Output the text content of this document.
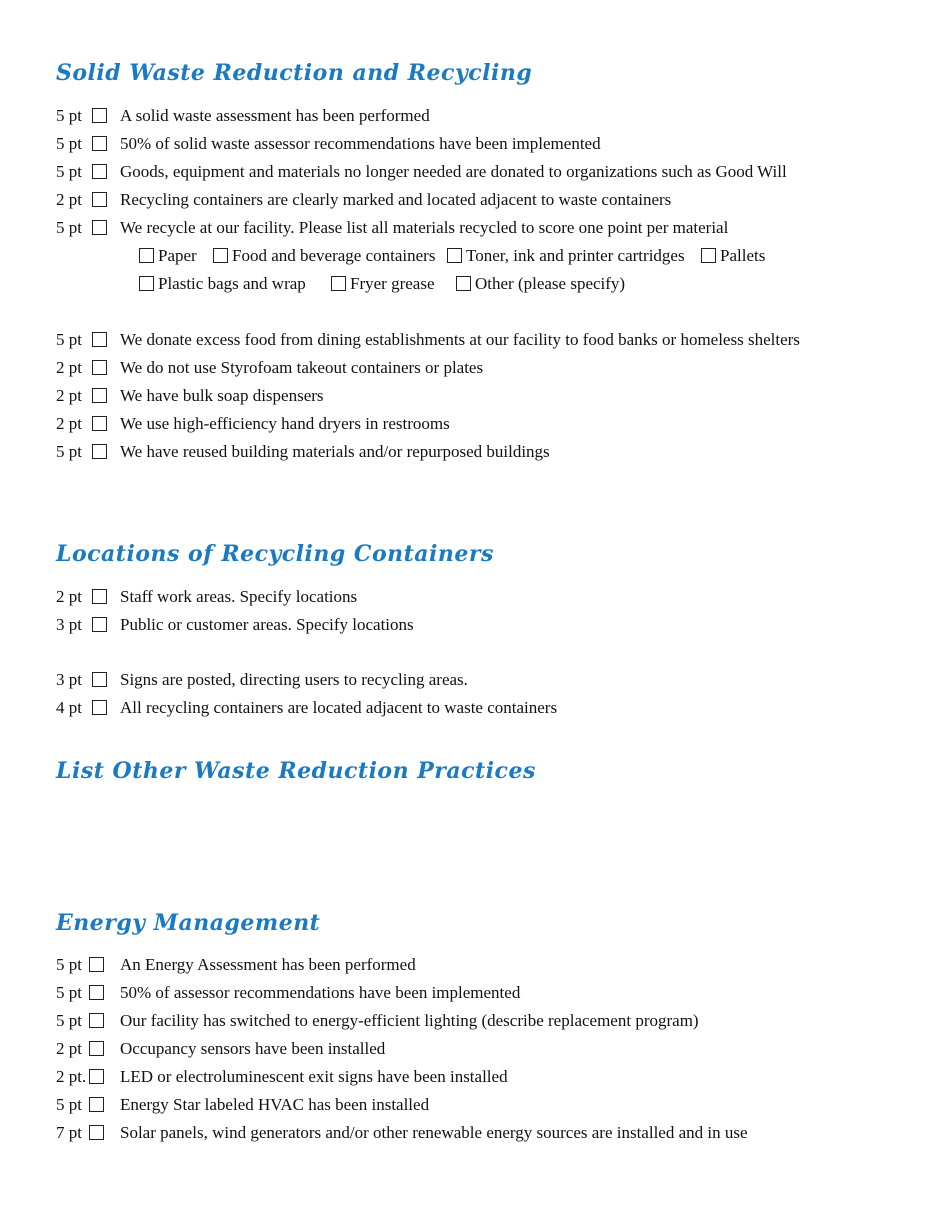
Solid Waste Reduction and Recycling
5 pt A solid waste assessment has been performed
5 pt 50% of solid waste assessor recommendations have been implemented
5 pt Goods, equipment and materials no longer needed are donated to organizations such as Good Will
2 pt Recycling containers are clearly marked and located adjacent to waste containers
5 pt We recycle at our facility. Please list all materials recycled to score one point per material
Paper Food and beverage containers Toner, ink and printer cartridges Pallets
Plastic bags and wrap	Fryer grease Other (please specify)
5 pt We donate excess food from dining establishments at our facility to food banks or homeless shelters
2 pt We do not use Styrofoam takeout containers or plates
2 pt We have bulk soap dispensers
2 pt We use high-efficiency hand dryers in restrooms
5 pt We have reused building materials and/or repurposed buildings
Locations of Recycling Containers
2 pt Staff work areas. Specify locations
3 pt Public or customer areas. Specify locations
3 pt Signs are posted, directing users to recycling areas.
4 pt All recycling containers are located adjacent to waste containers
List Other Waste Reduction Practices
Energy Management
5 pt An Energy Assessment has been performed
5 pt 50% of assessor recommendations have been implemented
5 pt Our facility has switched to energy-efficient lighting (describe replacement program)
2 pt Occupancy sensors have been installed
2 pt. LED or electroluminescent exit signs have been installed
5 pt Energy Star labeled HVAC has been installed
7 pt Solar panels, wind generators and/or other renewable energy sources are installed and in use
